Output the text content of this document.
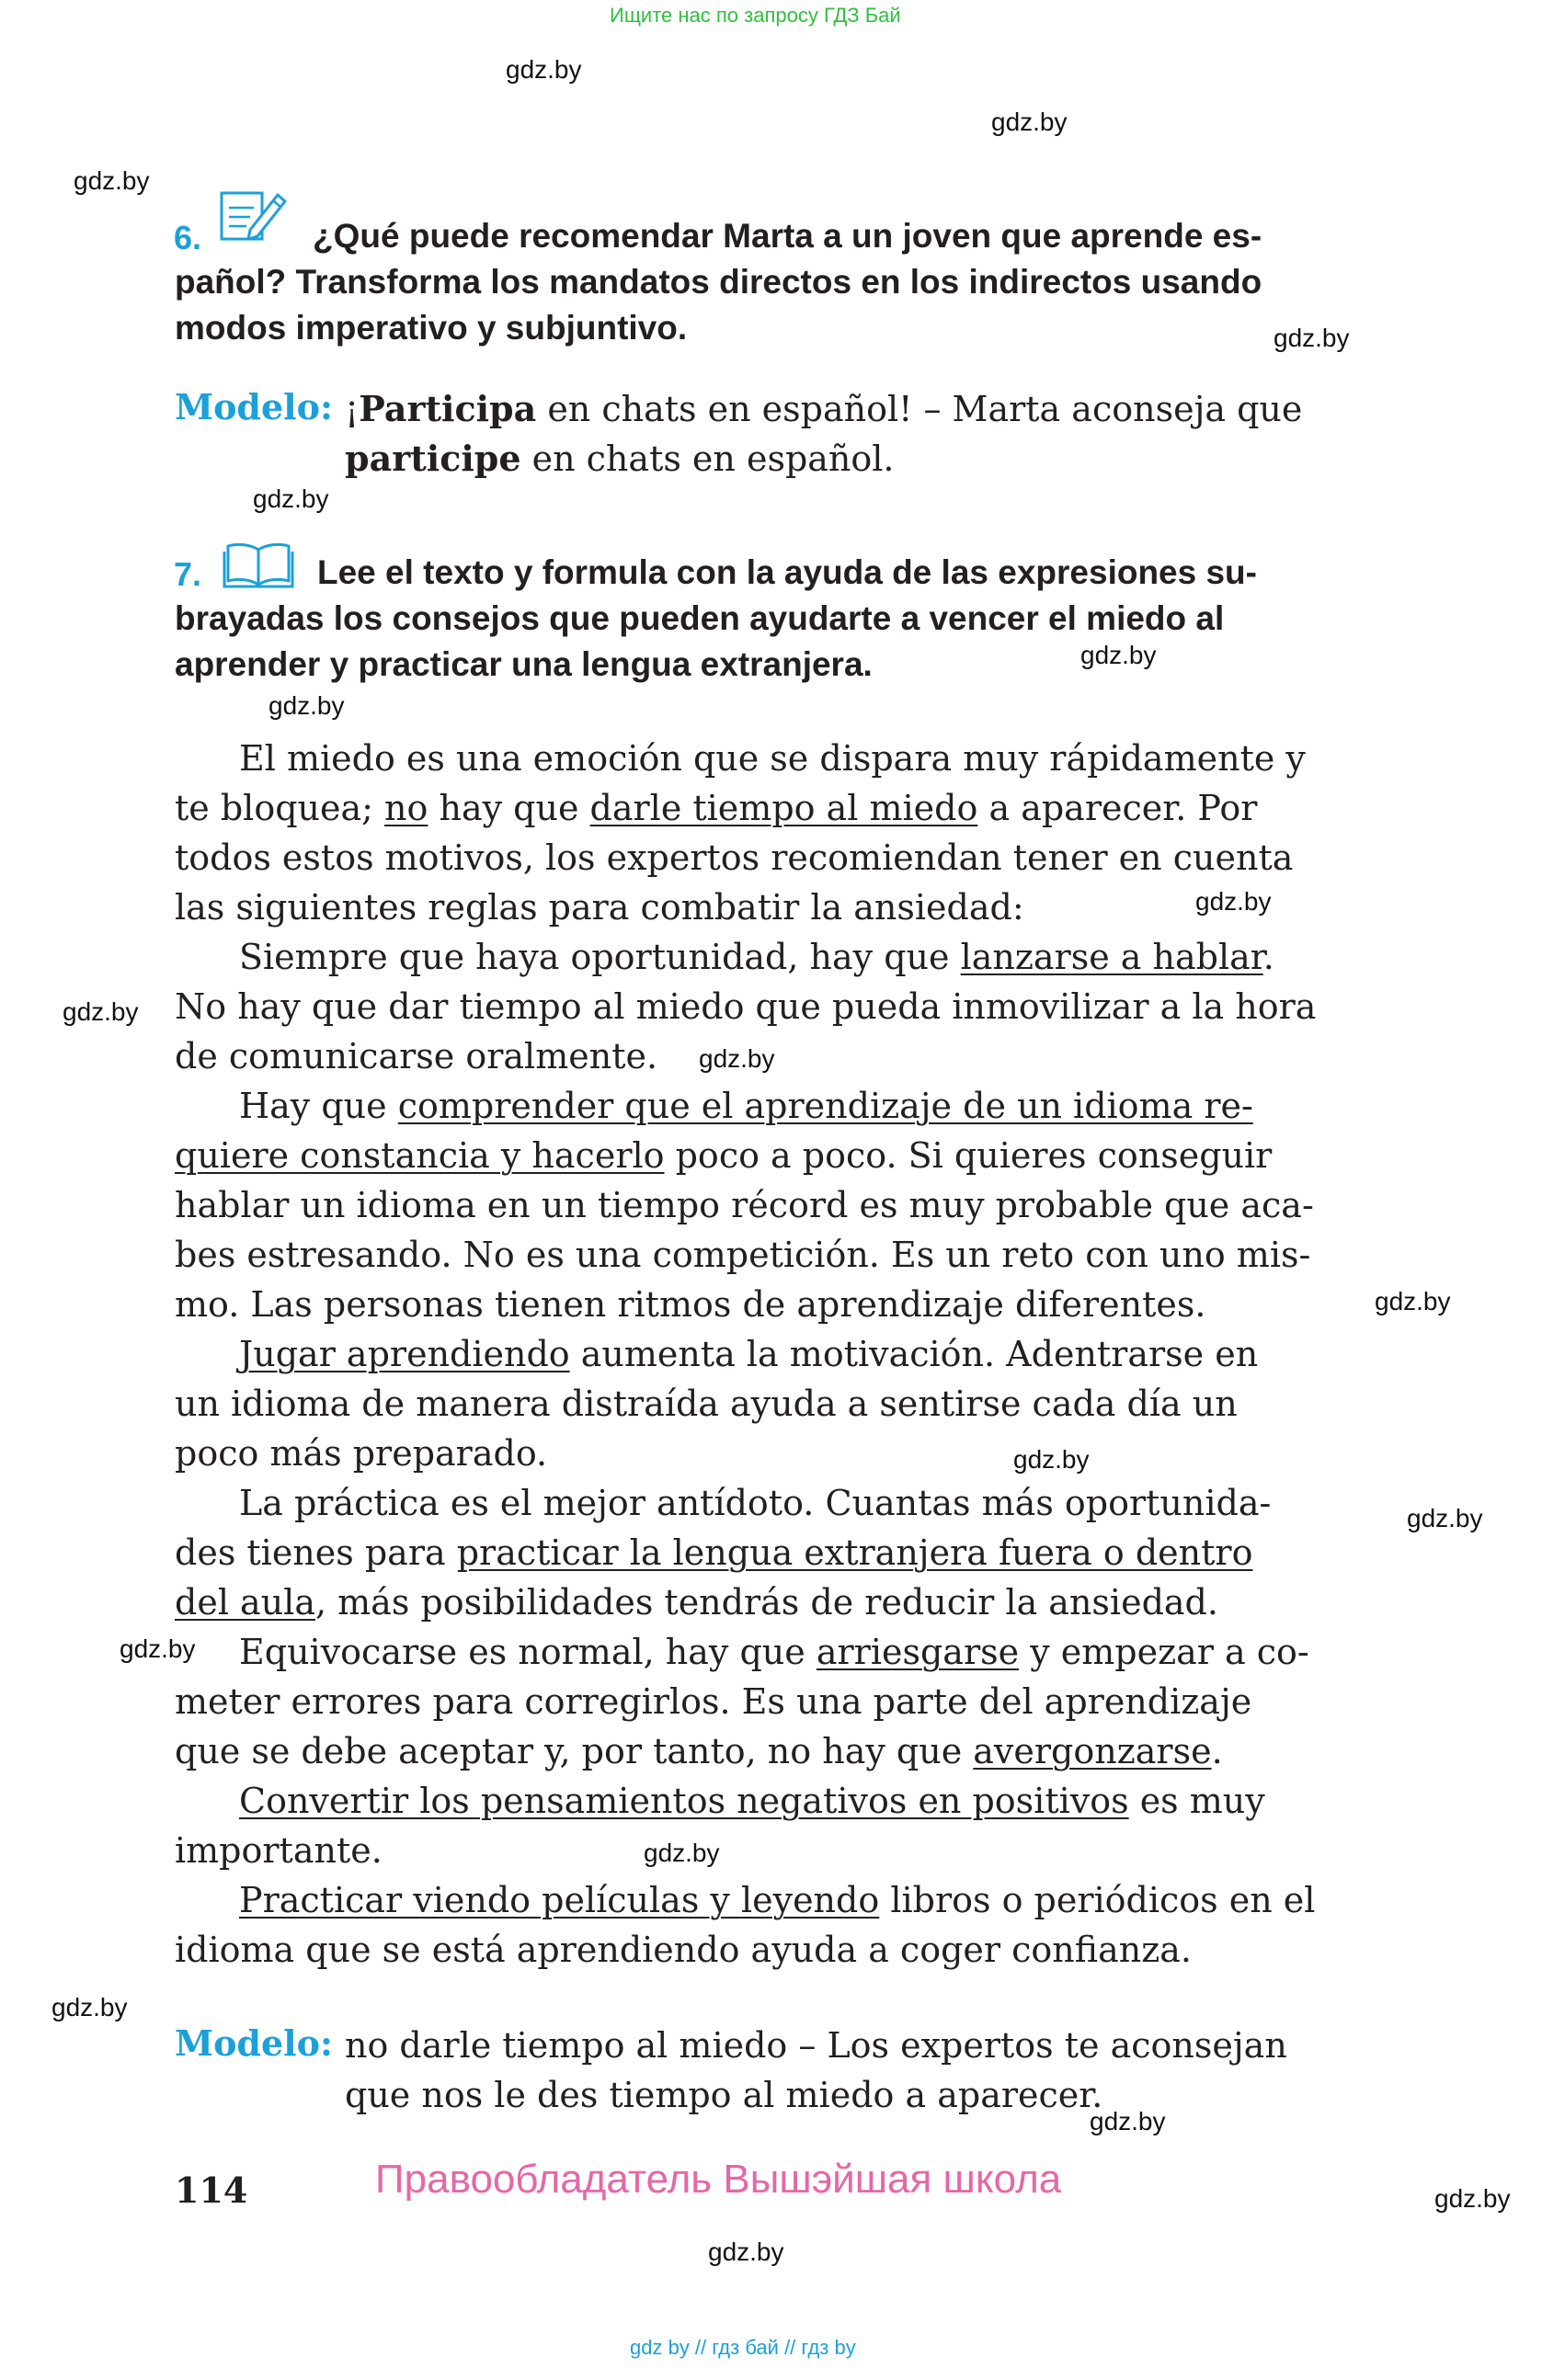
Ищите нас по запросу ГДЗ Бай
gdz.by
gdz.by
gdz.by
gdz.by
gdz.by
gdz.by
gdz.by
gdz.by
gdz.by
gdz.by
gdz.by
gdz.by
gdz.by
gdz.by
gdz.by
gdz.by
gdz.by
gdz.by
gdz.by
6.	¿Qué puede recomendar Marta a un joven que aprende es-
pañol? Transforma los mandatos directos en los indirectos usando
modos imperativo y subjuntivo.
Modelo: ¡Participa en chats en español! – Marta aconseja que
participe en chats en español.
7.	Lee el texto y formula con la ayuda de las expresiones su-
brayadas los consejos que pueden ayudarte a vencer el miedo al
aprender y practicar una lengua extranjera.
El miedo es una emoción que se dispara muy rápidamente y
te bloquea; no hay que darle tiempo al miedo a aparecer. Por
todos estos motivos, los expertos recomiendan tener en cuenta
las siguientes reglas para combatir la ansiedad:
Siempre que haya oportunidad, hay que lanzarse a hablar.
No hay que dar tiempo al miedo que pueda inmovilizar a la hora
de comunicarse oralmente.
Hay que comprender que el aprendizaje de un idioma re-
quiere constancia y hacerlo poco a poco. Si quieres conseguir
hablar un idioma en un tiempo récord es muy probable que aca-
bes estresando. No es una competición. Es un reto con uno mis-
mo. Las personas tienen ritmos de aprendizaje diferentes.
Jugar aprendiendo aumenta la motivación. Adentrarse en
un idioma de manera distraída ayuda a sentirse cada día un
poco más preparado.
La práctica es el mejor antídoto. Cuantas más oportunida-
des tienes para practicar la lengua extranjera fuera o dentro
del aula, más posibilidades tendrás de reducir la ansiedad.
Equivocarse es normal, hay que arriesgarse y empezar a co-
meter errores para corregirlos. Es una parte del aprendizaje
que se debe aceptar y, por tanto, no hay que avergonzarse.
Convertir los pensamientos negativos en positivos es muy
importante.
Practicar viendo películas y leyendo libros o periódicos en el
idioma que se está aprendiendo ayuda a coger confianza.
Modelo: no darle tiempo al miedo – Los expertos te aconsejan
que nos le des tiempo al miedo a aparecer.
114	Правообладатель Вышэйшая школа
gdz by // гдз бай // гдз by
